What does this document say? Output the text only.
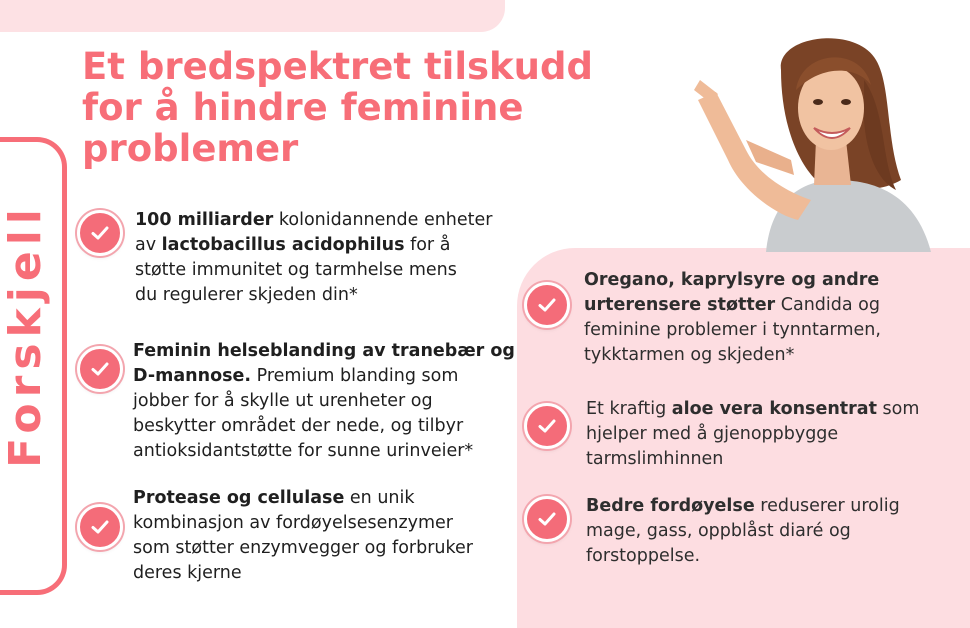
Forskjell
Et bredspektret tilskudd
for å hindre feminine
problemer

100 milliarder kolonidannende enheter
av lactobacillus acidophilus for å
støtte immunitet og tarmhelse mens
du regulerer skjeden din*

Feminin helseblanding av tranebær og
D-mannose. Premium blanding som
jobber for å skylle ut urenheter og
beskytter området der nede, og tilbyr
antioksidantstøtte for sunne urinveier*

Protease og cellulase en unik
kombinasjon av fordøyelsesenzymer
som støtter enzymvegger og forbruker
deres kjerne

Oregano, kaprylsyre og andre
urterensere støtter Candida og
feminine problemer i tynntarmen,
tykktarmen og skjeden*

Et kraftig aloe vera konsentrat som
hjelper med å gjenoppbygge
tarmslimhinnen

Bedre fordøyelse reduserer urolig
mage, gass, oppblåst diaré og
forstoppelse.
